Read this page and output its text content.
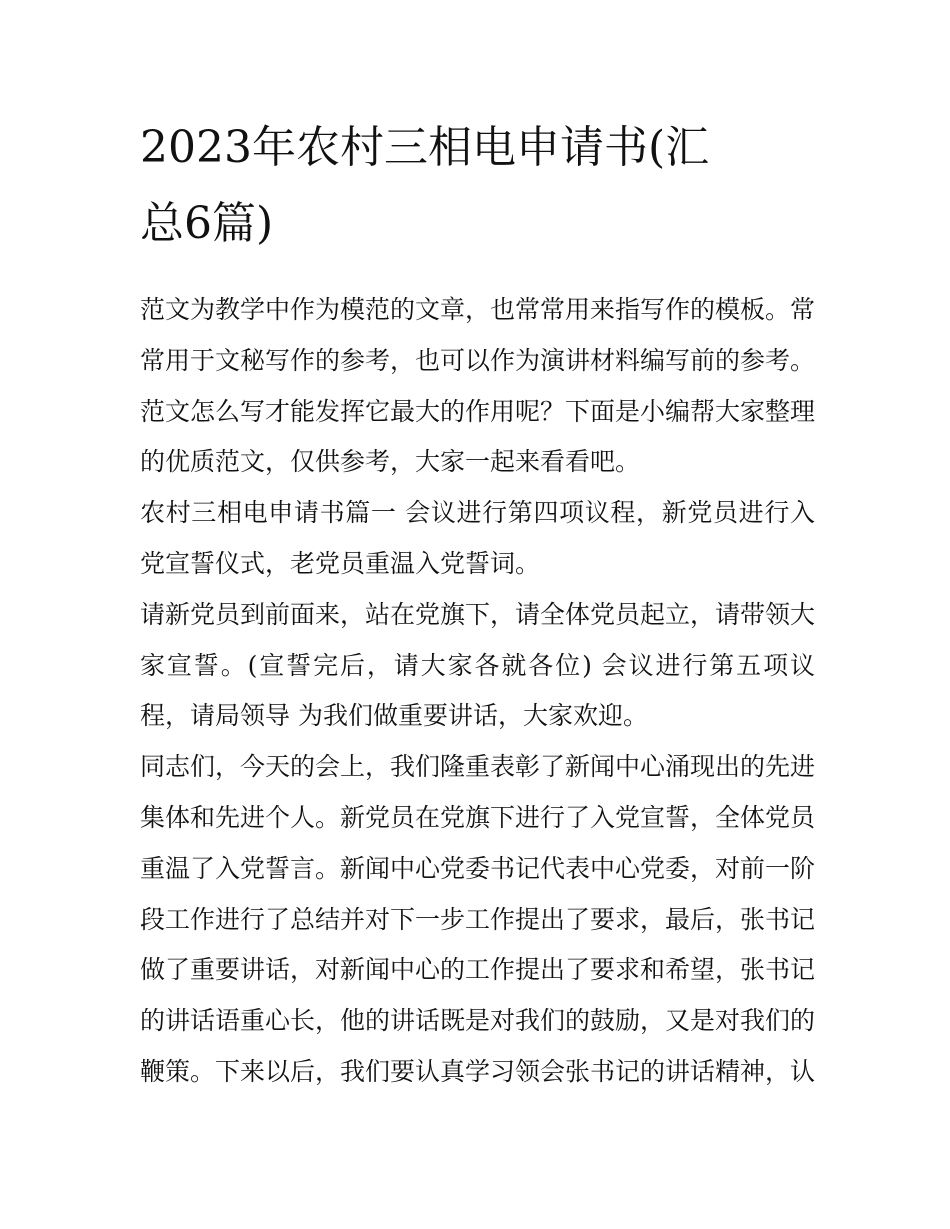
2023年农村三相电申请书(汇
总6篇)

范文为教学中作为模范的文章，也常常用来指写作的模板。常常用于文秘写作的参考，也可以作为演讲材料编写前的参考。范文怎么写才能发挥它最大的作用呢？下面是小编帮大家整理的优质范文，仅供参考，大家一起来看看吧。

农村三相电申请书篇一 会议进行第四项议程，新党员进行入党宣誓仪式，老党员重温入党誓词。

请新党员到前面来，站在党旗下，请全体党员起立，请带领大家宣誓。(宣誓完后，请大家各就各位) 会议进行第五项议程，请局领导 为我们做重要讲话，大家欢迎。

同志们，今天的会上，我们隆重表彰了新闻中心涌现出的先进集体和先进个人。新党员在党旗下进行了入党宣誓，全体党员重温了入党誓言。新闻中心党委书记代表中心党委，对前一阶段工作进行了总结并对下一步工作提出了要求，最后，张书记做了重要讲话，对新闻中心的工作提出了要求和希望，张书记的讲话语重心长，他的讲话既是对我们的鼓励，又是对我们的鞭策。下来以后，我们要认真学习领会张书记的讲话精神，认
